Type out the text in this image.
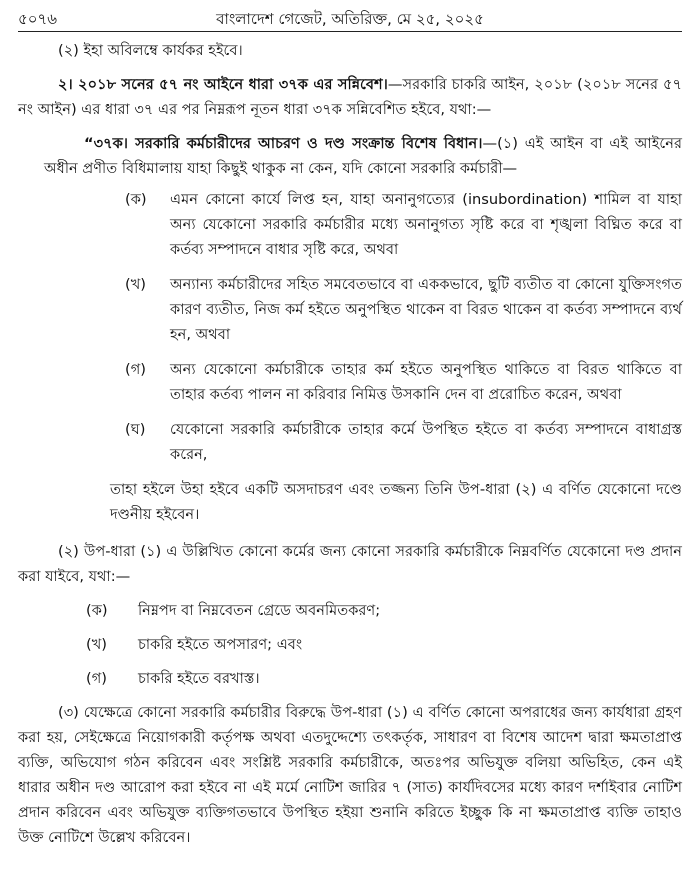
৫০৭৬	বাংলাদেশ গেজেট, অতিরিক্ত, মে ২৫, ২০২৫

(২) ইহা অবিলম্বে কার্যকর হইবে।

২। ২০১৮ সনের ৫৭ নং আইনে ধারা ৩৭ক এর সন্নিবেশ।—সরকারি চাকরি আইন, ২০১৮ (২০১৮ সনের ৫৭ নং আইন) এর ধারা ৩৭ এর পর নিম্নরূপ নূতন ধারা ৩৭ক সন্নিবেশিত হইবে, যথা:—

“৩৭ক। সরকারি কর্মচারীদের আচরণ ও দণ্ড সংক্রান্ত বিশেষ বিধান।—(১) এই আইন বা এই আইনের অধীন প্রণীত বিধিমালায় যাহা কিছুই থাকুক না কেন, যদি কোনো সরকারি কর্মচারী—

(ক)	এমন কোনো কার্যে লিপ্ত হন, যাহা অনানুগত্যের (insubordination) শামিল বা যাহা অন্য যেকোনো সরকারি কর্মচারীর মধ্যে অনানুগত্য সৃষ্টি করে বা শৃঙ্খলা বিঘ্নিত করে বা কর্তব্য সম্পাদনে বাধার সৃষ্টি করে, অথবা
(খ)	অন্যান্য কর্মচারীদের সহিত সমবেতভাবে বা এককভাবে, ছুটি ব্যতীত বা কোনো যুক্তিসংগত কারণ ব্যতীত, নিজ কর্ম হইতে অনুপস্থিত থাকেন বা বিরত থাকেন বা কর্তব্য সম্পাদনে ব্যর্থ হন, অথবা
(গ)	অন্য যেকোনো কর্মচারীকে তাহার কর্ম হইতে অনুপস্থিত থাকিতে বা বিরত থাকিতে বা তাহার কর্তব্য পালন না করিবার নিমিত্ত উসকানি দেন বা প্ররোচিত করেন, অথবা
(ঘ)	যেকোনো সরকারি কর্মচারীকে তাহার কর্মে উপস্থিত হইতে বা কর্তব্য সম্পাদনে বাধাগ্রস্ত করেন,

তাহা হইলে উহা হইবে একটি অসদাচরণ এবং তজ্জন্য তিনি উপ-ধারা (২) এ বর্ণিত যেকোনো দণ্ডে দণ্ডনীয় হইবেন।

(২) উপ-ধারা (১) এ উল্লিখিত কোনো কর্মের জন্য কোনো সরকারি কর্মচারীকে নিম্নবর্ণিত যেকোনো দণ্ড প্রদান করা যাইবে, যথা:—

(ক)	নিম্নপদ বা নিম্নবেতন গ্রেডে অবনমিতকরণ;
(খ)	চাকরি হইতে অপসারণ; এবং
(গ)	চাকরি হইতে বরখাস্ত।

(৩) যেক্ষেত্রে কোনো সরকারি কর্মচারীর বিরুদ্ধে উপ-ধারা (১) এ বর্ণিত কোনো অপরাধের জন্য কার্যধারা গ্রহণ করা হয়, সেইক্ষেত্রে নিয়োগকারী কর্তৃপক্ষ অথবা এতদুদ্দেশ্যে তৎকর্তৃক, সাধারণ বা বিশেষ আদেশ দ্বারা ক্ষমতাপ্রাপ্ত ব্যক্তি, অভিযোগ গঠন করিবেন এবং সংশ্লিষ্ট সরকারি কর্মচারীকে, অতঃপর অভিযুক্ত বলিয়া অভিহিত, কেন এই ধারার অধীন দণ্ড আরোপ করা হইবে না এই মর্মে নোটিশ জারির ৭ (সাত) কার্যদিবসের মধ্যে কারণ দর্শাইবার নোটিশ প্রদান করিবেন এবং অভিযুক্ত ব্যক্তিগতভাবে উপস্থিত হইয়া শুনানি করিতে ইচ্ছুক কি না ক্ষমতাপ্রাপ্ত ব্যক্তি তাহাও উক্ত নোটিশে উল্লেখ করিবেন।
